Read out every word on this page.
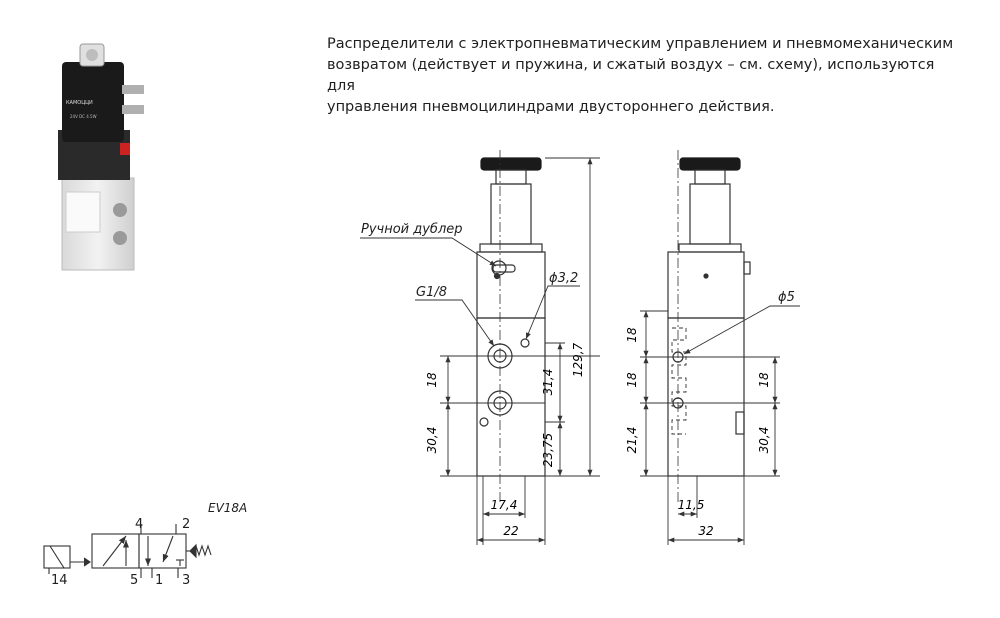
Распределители с электропневматическим управлением и пневмомеханическим
возвратом (действует и пружина, и сжатый воздух – см. схему), используются для
управления пневмоцилиндрами двустороннего действия.
КАМОЦЦИ
24V DC 4.5W
Ручной дублер
G1/8
ϕ3,2
18
30,4
31,4
23,75
129,7
17,4
22
ϕ5
18
18
21,4
18
30,4
11,5
32
EV18A
4	2
14	5 1 3
